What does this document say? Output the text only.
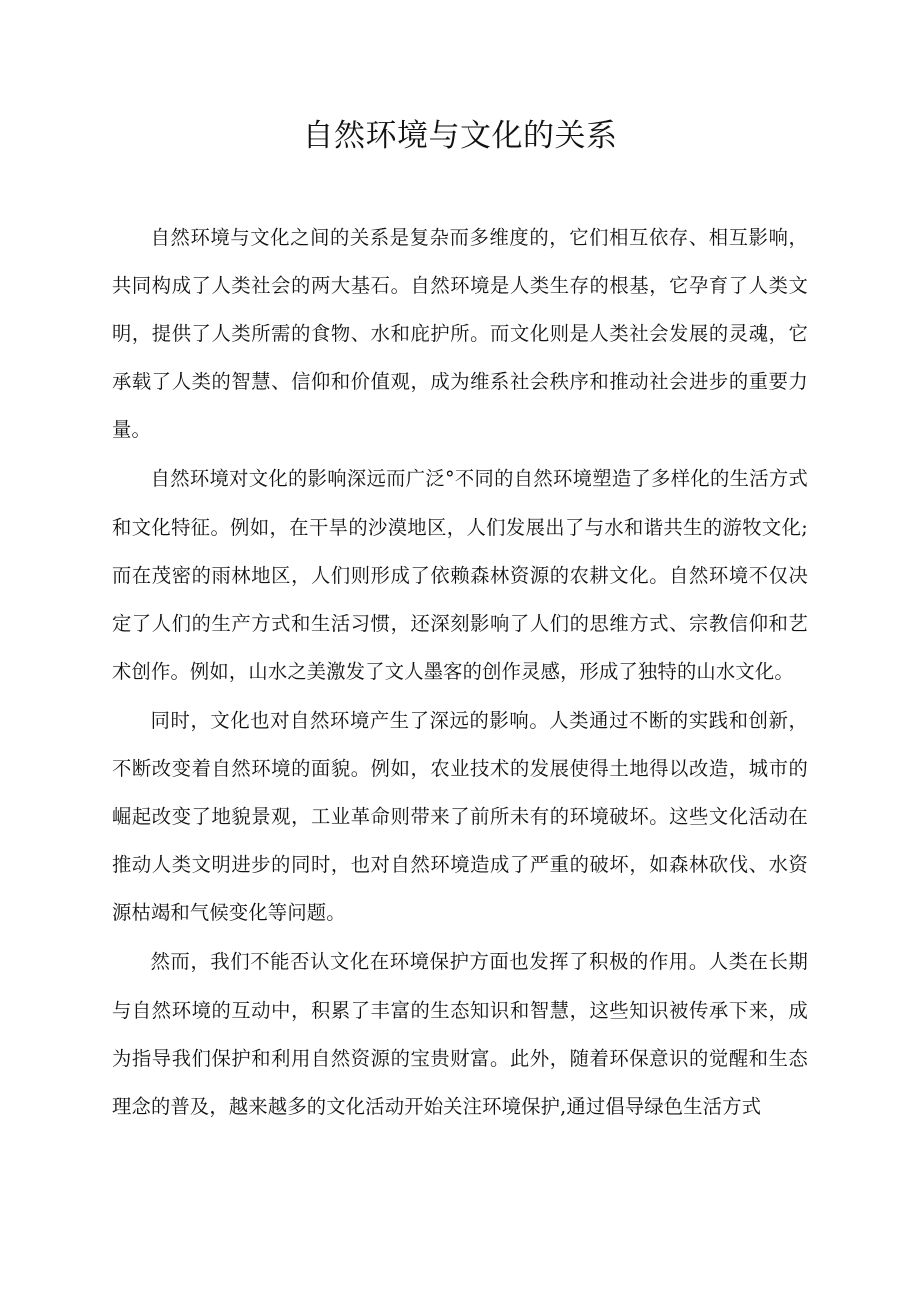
自然环境与文化的关系

自然环境与文化之间的关系是复杂而多维度的，它们相互依存、相互影响，共同构成了人类社会的两大基石。自然环境是人类生存的根基，它孕育了人类文明，提供了人类所需的食物、水和庇护所。而文化则是人类社会发展的灵魂，它承载了人类的智慧、信仰和价值观，成为维系社会秩序和推动社会进步的重要力量。

自然环境对文化的影响深远而广泛°不同的自然环境塑造了多样化的生活方式和文化特征。例如，在干旱的沙漠地区，人们发展出了与水和谐共生的游牧文化;而在茂密的雨林地区，人们则形成了依赖森林资源的农耕文化。自然环境不仅决定了人们的生产方式和生活习惯，还深刻影响了人们的思维方式、宗教信仰和艺术创作。例如，山水之美激发了文人墨客的创作灵感，形成了独特的山水文化。

同时，文化也对自然环境产生了深远的影响。人类通过不断的实践和创新，不断改变着自然环境的面貌。例如，农业技术的发展使得土地得以改造，城市的崛起改变了地貌景观，工业革命则带来了前所未有的环境破坏。这些文化活动在推动人类文明进步的同时，也对自然环境造成了严重的破坏，如森林砍伐、水资源枯竭和气候变化等问题。

然而，我们不能否认文化在环境保护方面也发挥了积极的作用。人类在长期与自然环境的互动中，积累了丰富的生态知识和智慧，这些知识被传承下来，成为指导我们保护和利用自然资源的宝贵财富。此外，随着环保意识的觉醒和生态理念的普及，越来越多的文化活动开始关注环境保护,通过倡导绿色生活方式
